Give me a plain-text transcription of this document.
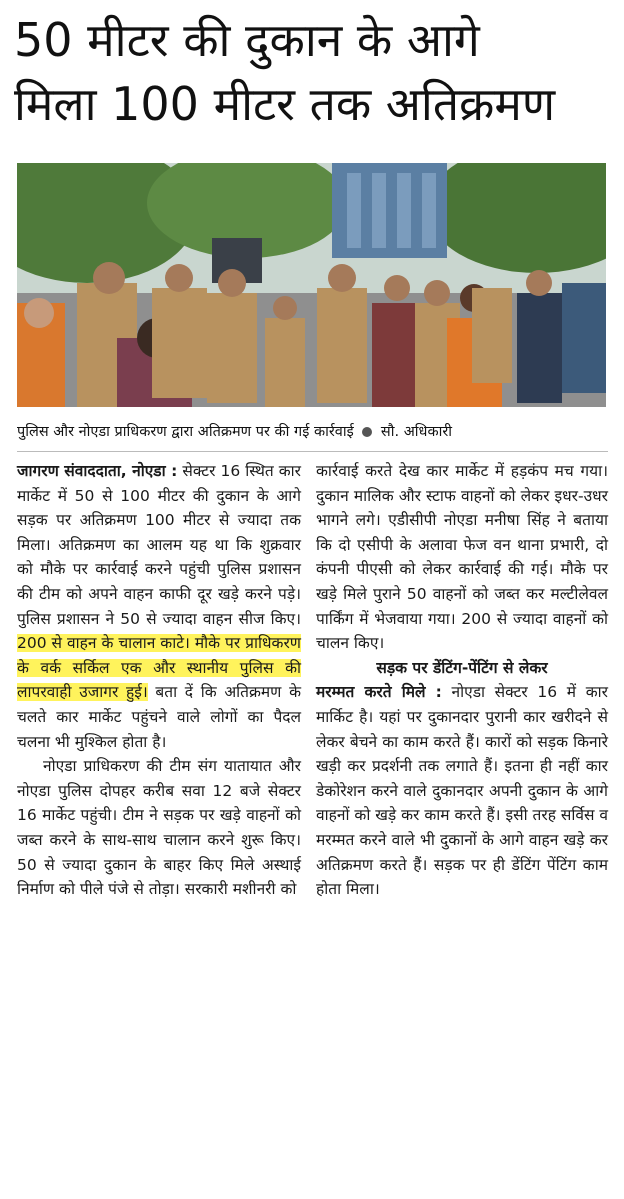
50 मीटर की दुकान के आगे
मिला 100 मीटर तक अतिक्रमण
पुलिस और नोएडा प्राधिकरण द्वारा अतिक्रमण पर की गई कार्रवाई सौ. अधिकारी

जागरण संवाददाता, नोएडा : सेक्टर 16 स्थित कार मार्केट में 50 से 100 मीटर की दुकान के आगे सड़क पर अतिक्रमण 100 मीटर से ज्यादा तक मिला। अतिक्रमण का आलम यह था कि शुक्रवार को मौके पर कार्रवाई करने पहुंची पुलिस प्रशासन की टीम को अपने वाहन काफी दूर खड़े करने पड़े। पुलिस प्रशासन ने 50 से ज्यादा वाहन सीज किए। 200 से वाहन के चालान काटे। मौके पर प्राधिकरण के वर्क सर्किल एक और स्थानीय पुलिस की लापरवाही उजागर हुई। बता दें कि अतिक्रमण के चलते कार मार्केट पहुंचने वाले लोगों का पैदल चलना भी मुश्किल होता है।

नोएडा प्राधिकरण की टीम संग यातायात और नोएडा पुलिस दोपहर करीब सवा 12 बजे सेक्टर 16 मार्केट पहुंची। टीम ने सड़क पर खड़े वाहनों को जब्त करने के साथ-साथ चालान करने शुरू किए। 50 से ज्यादा दुकान के बाहर किए मिले अस्थाई निर्माण को पीले पंजे से तोड़ा। सरकारी मशीनरी को

कार्रवाई करते देख कार मार्केट में हड़कंप मच गया। दुकान मालिक और स्टाफ वाहनों को लेकर इधर-उधर भागने लगे। एडीसीपी नोएडा मनीषा सिंह ने बताया कि दो एसीपी के अलावा फेज वन थाना प्रभारी, दो कंपनी पीएसी को लेकर कार्रवाई की गई। मौके पर खड़े मिले पुराने 50 वाहनों को जब्त कर मल्टीलेवल पार्किंग में भेजवाया गया। 200 से ज्यादा वाहनों को चालन किए।

सड़क पर डेंटिंग-पेंटिंग से लेकर
मरम्मत करते मिले : नोएडा सेक्टर 16 में कार मार्किट है। यहां पर दुकानदार पुरानी कार खरीदने से लेकर बेचने का काम करते हैं। कारों को सड़क किनारे खड़ी कर प्रदर्शनी तक लगाते हैं। इतना ही नहीं कार डेकोरेशन करने वाले दुकानदार अपनी दुकान के आगे वाहनों को खड़े कर काम करते हैं। इसी तरह सर्विस व मरम्मत करने वाले भी दुकानों के आगे वाहन खड़े कर अतिक्रमण करते हैं। सड़क पर ही डेंटिंग पेंटिंग काम होता मिला।
